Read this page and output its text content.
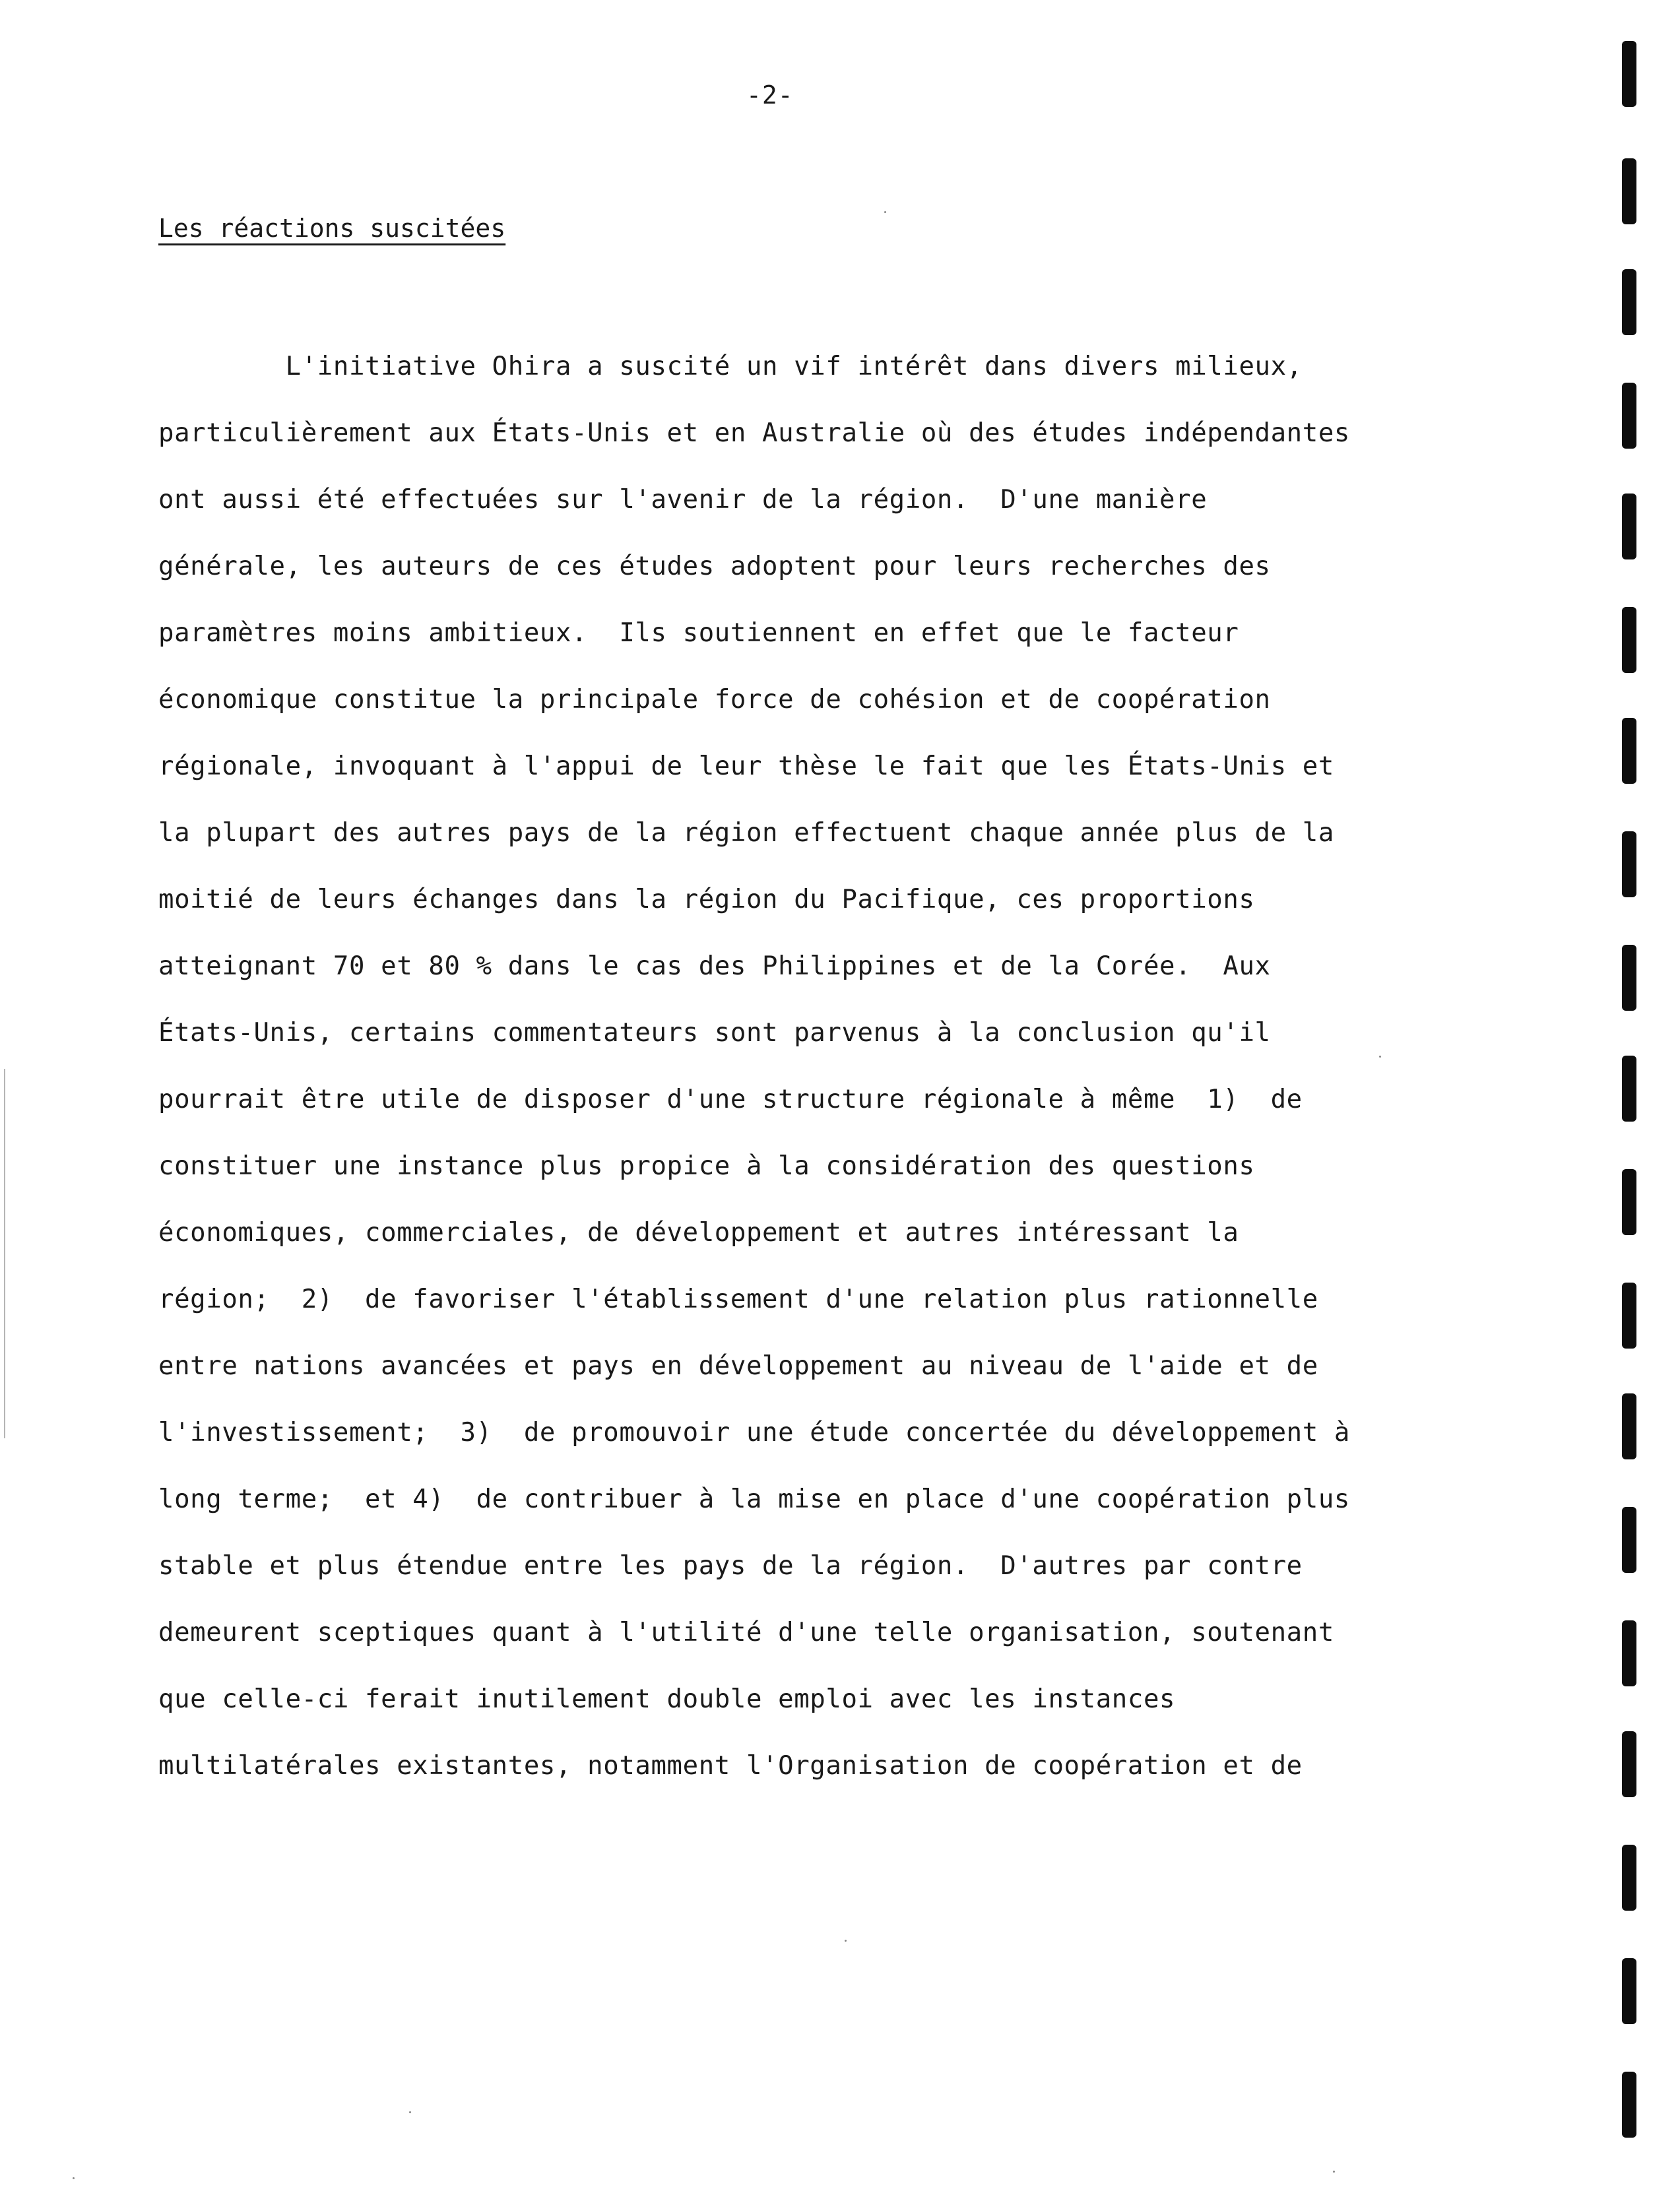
-2-
Les réactions suscitées
L'initiative Ohira a suscité un vif intérêt dans divers milieux,
particulièrement aux États-Unis et en Australie où des études indépendantes
ont aussi été effectuées sur l'avenir de la région.  D'une manière
générale, les auteurs de ces études adoptent pour leurs recherches des
paramètres moins ambitieux.  Ils soutiennent en effet que le facteur
économique constitue la principale force de cohésion et de coopération
régionale, invoquant à l'appui de leur thèse le fait que les États-Unis et
la plupart des autres pays de la région effectuent chaque année plus de la
moitié de leurs échanges dans la région du Pacifique, ces proportions
atteignant 70 et 80 % dans le cas des Philippines et de la Corée.  Aux
États-Unis, certains commentateurs sont parvenus à la conclusion qu'il
pourrait être utile de disposer d'une structure régionale à même  1)  de
constituer une instance plus propice à la considération des questions
économiques, commerciales, de développement et autres intéressant la
région;  2)  de favoriser l'établissement d'une relation plus rationnelle
entre nations avancées et pays en développement au niveau de l'aide et de
l'investissement;  3)  de promouvoir une étude concertée du développement à
long terme;  et 4)  de contribuer à la mise en place d'une coopération plus
stable et plus étendue entre les pays de la région.  D'autres par contre
demeurent sceptiques quant à l'utilité d'une telle organisation, soutenant
que celle-ci ferait inutilement double emploi avec les instances
multilatérales existantes, notamment l'Organisation de coopération et de
